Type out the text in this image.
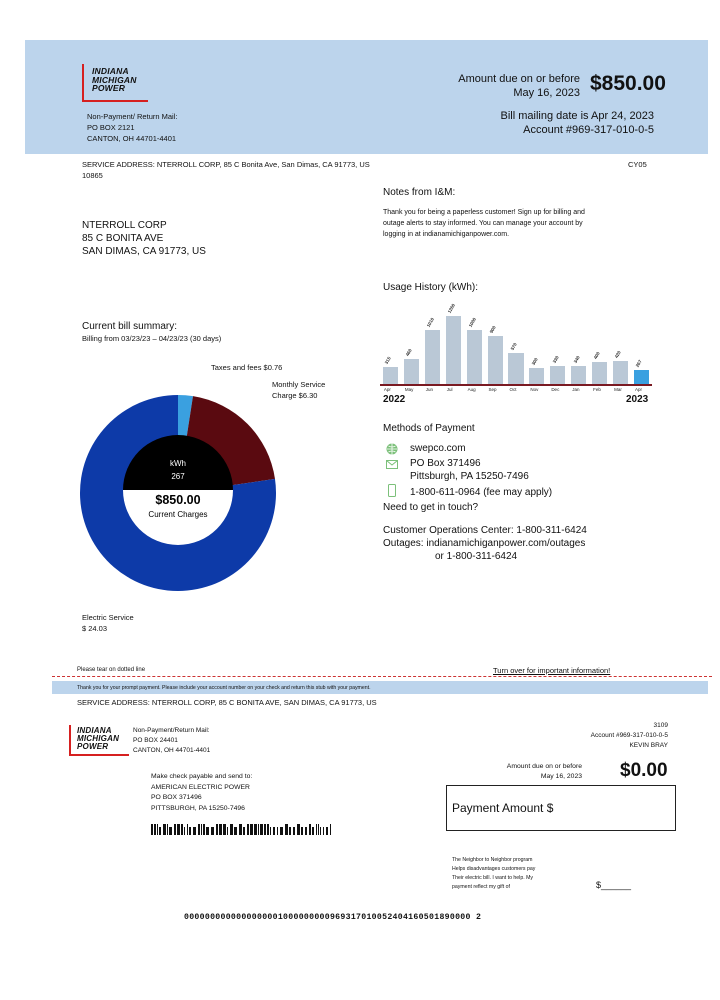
INDIANA
MICHIGAN
POWER
Non-Payment/ Return Mail:
PO BOX 2121
CANTON, OH 44701-4401
Amount due on or before
May 16, 2023 $850.00
Bill mailing date is Apr 24, 2023
Account #969-317-010-0-5
SERVICE ADDRESS: NTERROLL CORP, 85 C Bonita Ave, San Dimas, CA 91773, US
10865
CY05
NTERROLL CORP
85 C BONITA AVE
SAN DIMAS, CA 91773, US
Notes from I&M:
Thank you for being a paperless customer! Sign up for billing and
outage alerts to stay informed. You can manage your account by
logging in at indianamichiganpower.com.
Current bill summary:
Billing from 03/23/23 – 04/23/23 (30 days)
Taxes and fees $0.76
Monthly Service
Charge $6.30
Electric Service
$ 24.03
kWh
267
$850.00
Current Charges
Usage History (kWh):
315
Apr
460
May
1010
Jun
1260
Jul
1000
Aug
900
Sep
570
Oct
300
Nov
330
Dec
340
Jan
400
Feb
420
Mar
267
Apr
2022	2023
Methods of Payment
swepco.com
PO Box 371496
Pittsburgh, PA 15250-7496
1-800-611-0964 (fee may apply)
Need to get in touch?
Customer Operations Center: 1-800-311-6424
Outages: indianamichiganpower.com/outages
or 1-800-311-6424
Please tear on dotted line	Turn over for important information!
Thank you for your prompt payment. Please include your account number on your check and return this stub with your payment.
SERVICE ADDRESS: NTERROLL CORP, 85 C BONITA AVE, SAN DIMAS, CA 91773, US
INDIANA
MICHIGAN
POWER
Non-Payment/Return Mail:
PO BOX 24401
CANTON, OH 44701-4401
3109
Account #969-317-010-0-5
KEVIN BRAY
Amount due on or before
May 16, 2023 $0.00
Make check payable and send to:
AMERICAN ELECTRIC POWER
PO BOX 371496
PITTSBURGH, PA 15250-7496	Payment Amount $
The Neighbor to Neighbor program
Helps disadvantages customers pay
Their electric bill. I want to help. My
payment reflect my gift of	$______
0000000000000000001000000000969317010052404160501890000 2
